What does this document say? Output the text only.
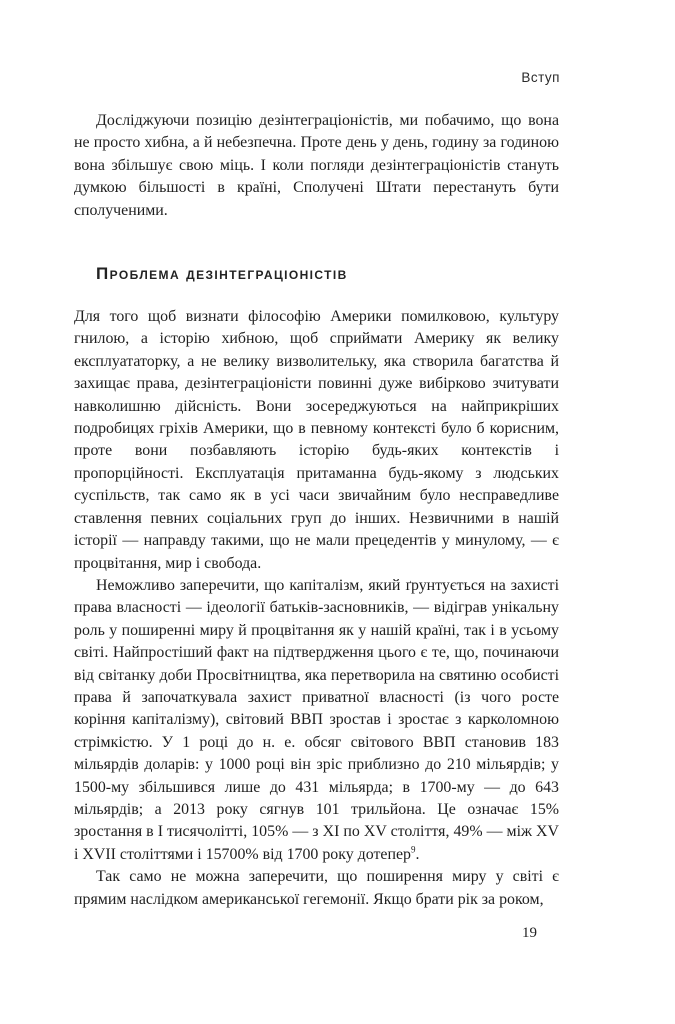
Вступ

Досліджуючи позицію дезінтеграціоністів, ми побачимо, що вона не просто хибна, а й небезпечна. Проте день у день, годину за годиною вона збільшує свою міць. І коли погляди дезінтеграціоністів стануть думкою більшості в країні, Сполучені Штати перестануть бути сполученими.

Проблема дезінтеграціоністів

Для того щоб визнати філософію Америки помилковою, культуру гнилою, а історію хибною, щоб сприймати Америку як велику експлуататорку, а не велику визволительку, яка створила багатства й захищає права, дезінтеграціоністи повинні дуже вибірково зчитувати навколишню дійсність. Вони зосереджуються на найприкріших подробицях гріхів Америки, що в певному контексті було б корисним, проте вони позбавляють історію будь-яких контекстів і пропорційності. Експлуатація притаманна будь-якому з людських суспільств, так само як в усі часи звичайним було несправедливе ставлення певних соціальних груп до інших. Незвичними в нашій історії — направду такими, що не мали прецедентів у минулому, — є процвітання, мир і свобода.

Неможливо заперечити, що капіталізм, який ґрунтується на захисті права власності — ідеології батьків-засновників, — відіграв унікальну роль у поширенні миру й процвітання як у нашій країні, так і в усьому світі. Найпростіший факт на підтвердження цього є те, що, починаючи від світанку доби Просвітництва, яка перетворила на святиню особисті права й започаткувала захист приватної власності (із чого росте коріння капіталізму), світовий ВВП зростав і зростає з карколомною стрімкістю. У 1 році до н. е. обсяг світового ВВП становив 183 мільярдів доларів: у 1000 році він зріс приблизно до 210 мільярдів; у 1500-му збільшився лише до 431 мільярда; в 1700-му — до 643 мільярдів; а 2013 року сягнув 101 трильйона. Це означає 15% зростання в I тисячолітті, 105% — з XI по XV століття, 49% — між XV і XVII століттями і 15700% від 1700 року дотепер$^9$.

Так само не можна заперечити, що поширення миру у світі є прямим наслідком американської гегемонії. Якщо брати рік за роком,

19
